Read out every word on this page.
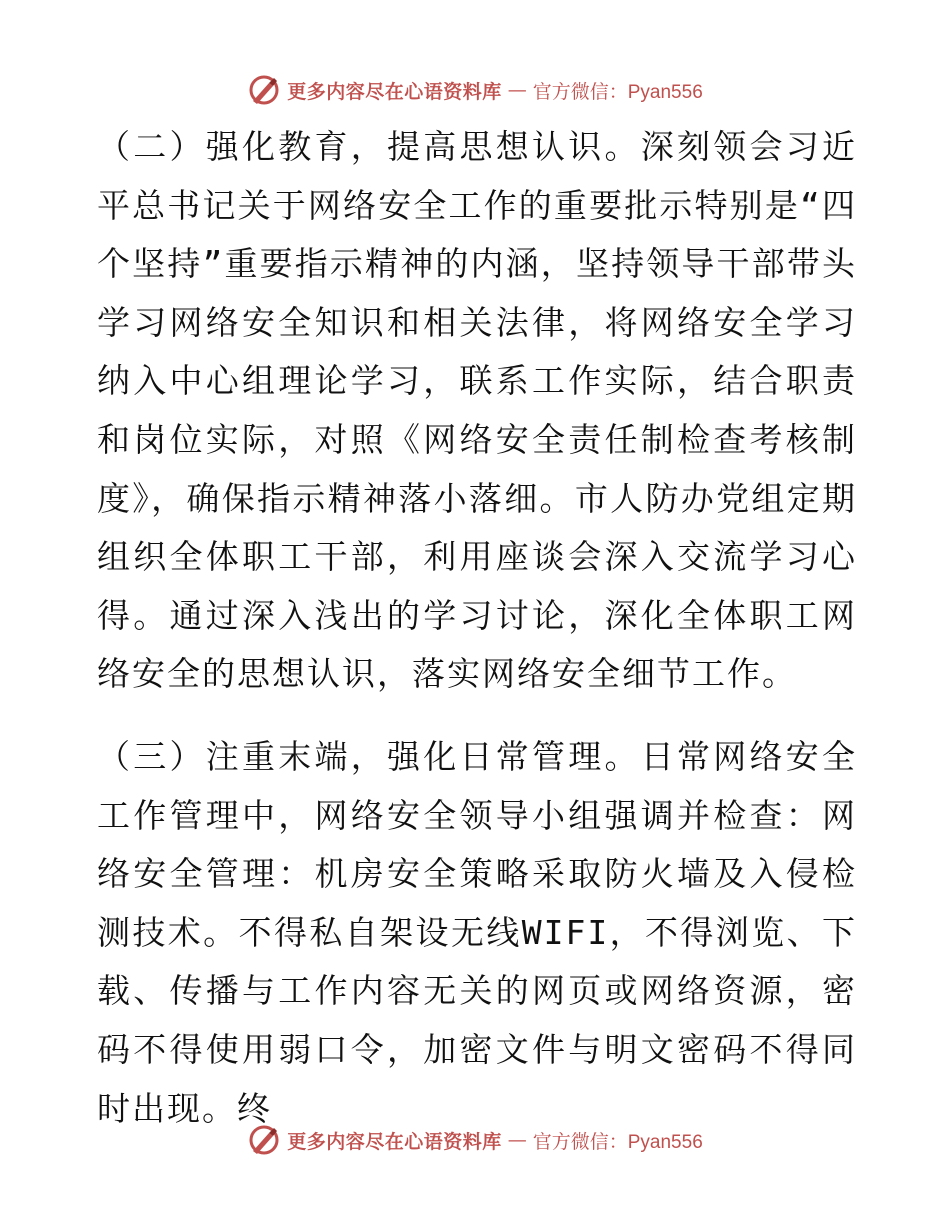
更多内容尽在心语资料库 — 官方微信：Pyan556

（二）强化教育，提高思想认识。深刻领会习近平总书记关于网络安全工作的重要批示特别是“四个坚持”重要指示精神的内涵，坚持领导干部带头学习网络安全知识和相关法律，将网络安全学习纳入中心组理论学习，联系工作实际，结合职责和岗位实际，对照《网络安全责任制检查考核制度》，确保指示精神落小落细。市人防办党组定期组织全体职工干部，利用座谈会深入交流学习心得。通过深入浅出的学习讨论，深化全体职工网络安全的思想认识，落实网络安全细节工作。

（三）注重末端，强化日常管理。日常网络安全工作管理中，网络安全领导小组强调并检查：网络安全管理：机房安全策略采取防火墙及入侵检测技术。不得私自架设无线WIFI，不得浏览、下载、传播与工作内容无关的网页或网络资源，密码不得使用弱口令，加密文件与明文密码不得同时出现。终

更多内容尽在心语资料库 — 官方微信：Pyan556
